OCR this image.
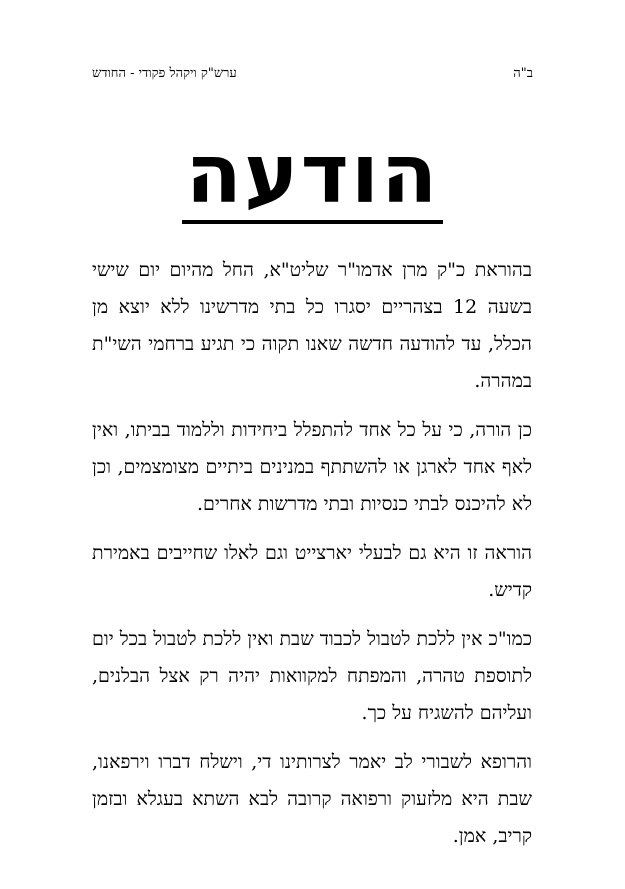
ב"ה
ערש"ק ויקהל פקודי - החודש
הודעה

בהוראת כ"ק מרן אדמו"ר שליט"א, החל מהיום יום שישי בשעה 12 בצהריים יסגרו כל בתי מדרשינו ללא יוצא מן הכלל, עד להודעה חדשה שאנו תקוה כי תגיע ברחמי השי"ת במהרה.

כן הורה, כי על כל אחד להתפלל ביחידות וללמוד בביתו, ואין לאף אחד לארגן או להשתתף במנינים ביתיים מצומצמים, וכן לא להיכנס לבתי כנסיות ובתי מדרשות אחרים.

הוראה זו היא גם לבעלי יארצייט וגם לאלו שחייבים באמירת קדיש.

כמו"כ אין ללכת לטבול לכבוד שבת ואין ללכת לטבול בכל יום לתוספת טהרה, והמפתח למקוואות יהיה רק אצל הבלנים, ועליהם להשגיח על כך.

והרופא לשבורי לב יאמר לצרותינו די, וישלח דברו וירפאנו, שבת היא מלזעוק ורפואה קרובה לבא השתא בעגלא ובזמן קריב, אמן.
